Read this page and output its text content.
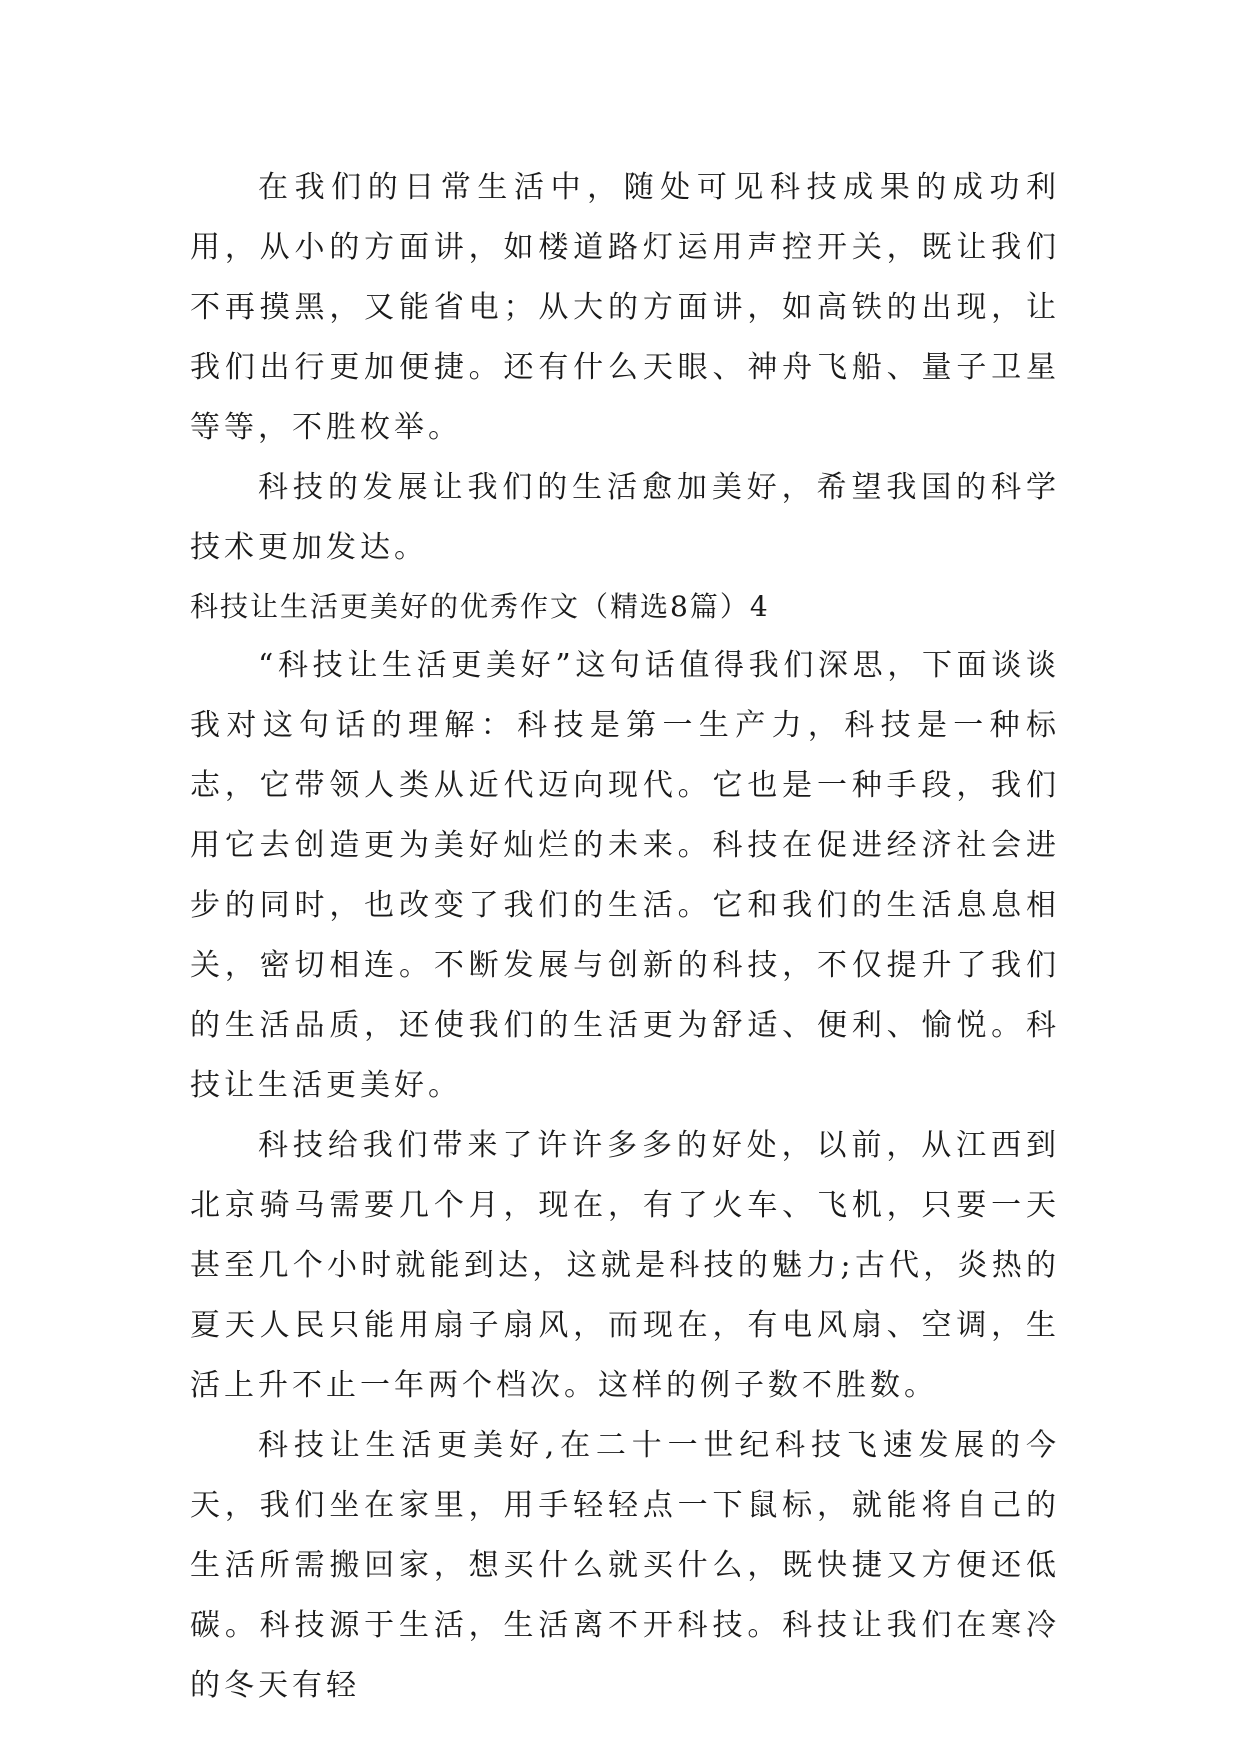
在我们的日常生活中，随处可见科技成果的成功利用，从小的方面讲，如楼道路灯运用声控开关，既让我们不再摸黑，又能省电；从大的方面讲，如高铁的出现，让我们出行更加便捷。还有什么天眼、神舟飞船、量子卫星等等，不胜枚举。

科技的发展让我们的生活愈加美好，希望我国的科学技术更加发达。

科技让生活更美好的优秀作文（精选8篇）4

“科技让生活更美好”这句话值得我们深思，下面谈谈我对这句话的理解：科技是第一生产力，科技是一种标志，它带领人类从近代迈向现代。它也是一种手段，我们用它去创造更为美好灿烂的未来。科技在促进经济社会进步的同时，也改变了我们的生活。它和我们的生活息息相关，密切相连。不断发展与创新的科技，不仅提升了我们的生活品质，还使我们的生活更为舒适、便利、愉悦。科技让生活更美好。

科技给我们带来了许许多多的好处，以前，从江西到北京骑马需要几个月，现在，有了火车、飞机，只要一天甚至几个小时就能到达，这就是科技的魅力;古代，炎热的夏天人民只能用扇子扇风，而现在，有电风扇、空调，生活上升不止一年两个档次。这样的例子数不胜数。

科技让生活更美好,在二十一世纪科技飞速发展的今天，我们坐在家里，用手轻轻点一下鼠标，就能将自己的生活所需搬回家，想买什么就买什么，既快捷又方便还低碳。科技源于生活，生活离不开科技。科技让我们在寒冷的冬天有轻
